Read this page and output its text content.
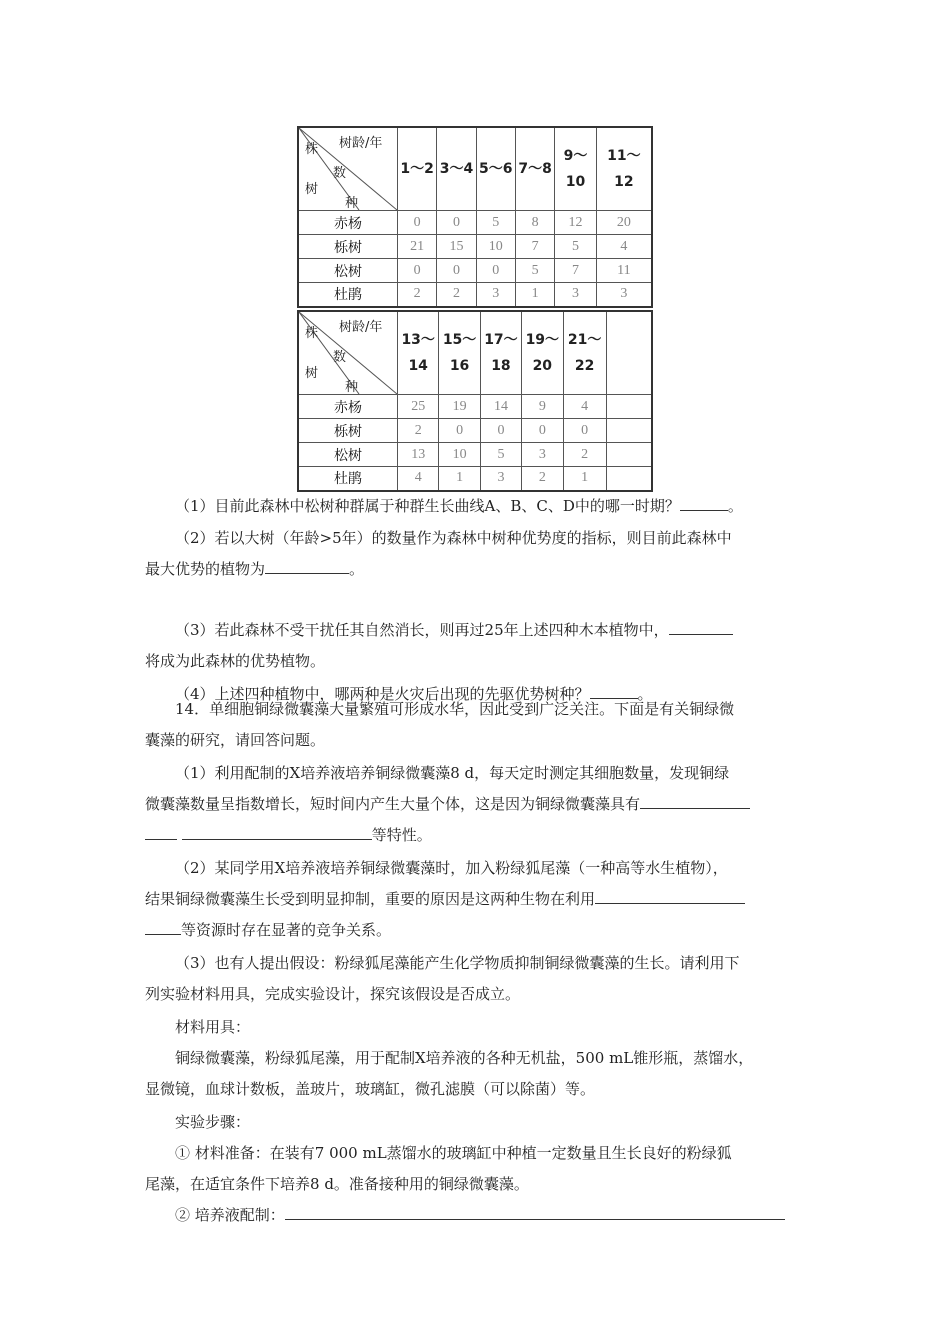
树龄/年
株
数
树
种	1～2	3～4	5～6	7～8	9～10	11～12
赤杨	0	0	5	8	12	20
栎树	21	15	10	7	5	4
松树	0	0	0	5	7	11
杜鹃	2	2	3	1	3	3
树龄/年
株
数
树
种	13～14	15～16	17～18	19～20	21～22	
赤杨	25	19	14	9	4	
栎树	2	0	0	0	0	
松树	13	10	5	3	2	
杜鹃	4	1	3	2	1	

（1）目前此森林中松树种群属于种群生长曲线A、B、C、D中的哪一时期？	。

（2）若以大树（年龄>5年）的数量作为森林中树种优势度的指标，则目前此森林中

最大优势的植物为	。

（3）若此森林不受干扰任其自然消长，则再过25年上述四种木本植物中，

将成为此森林的优势植物。

（4）上述四种植物中，哪两种是火灾后出现的先驱优势树种？	。

14．单细胞铜绿微囊藻大量繁殖可形成水华，因此受到广泛关注。下面是有关铜绿微

囊藻的研究，请回答问题。

（1）利用配制的X培养液培养铜绿微囊藻8 d，每天定时测定其细胞数量，发现铜绿

微囊藻数量呈指数增长，短时间内产生大量个体，这是因为铜绿微囊藻具有

等特性。

（2）某同学用X培养液培养铜绿微囊藻时，加入粉绿狐尾藻（一种高等水生植物），

结果铜绿微囊藻生长受到明显抑制，重要的原因是这两种生物在利用

等资源时存在显著的竞争关系。

（3）也有人提出假设：粉绿狐尾藻能产生化学物质抑制铜绿微囊藻的生长。请利用下

列实验材料用具，完成实验设计，探究该假设是否成立。

材料用具：

铜绿微囊藻，粉绿狐尾藻，用于配制X培养液的各种无机盐，500 mL锥形瓶，蒸馏水，

显微镜，血球计数板，盖玻片，玻璃缸，微孔滤膜（可以除菌）等。

实验步骤：

① 材料准备：在装有7 000 mL蒸馏水的玻璃缸中种植一定数量且生长良好的粉绿狐

尾藻，在适宜条件下培养8 d。准备接种用的铜绿微囊藻。

② 培养液配制：
